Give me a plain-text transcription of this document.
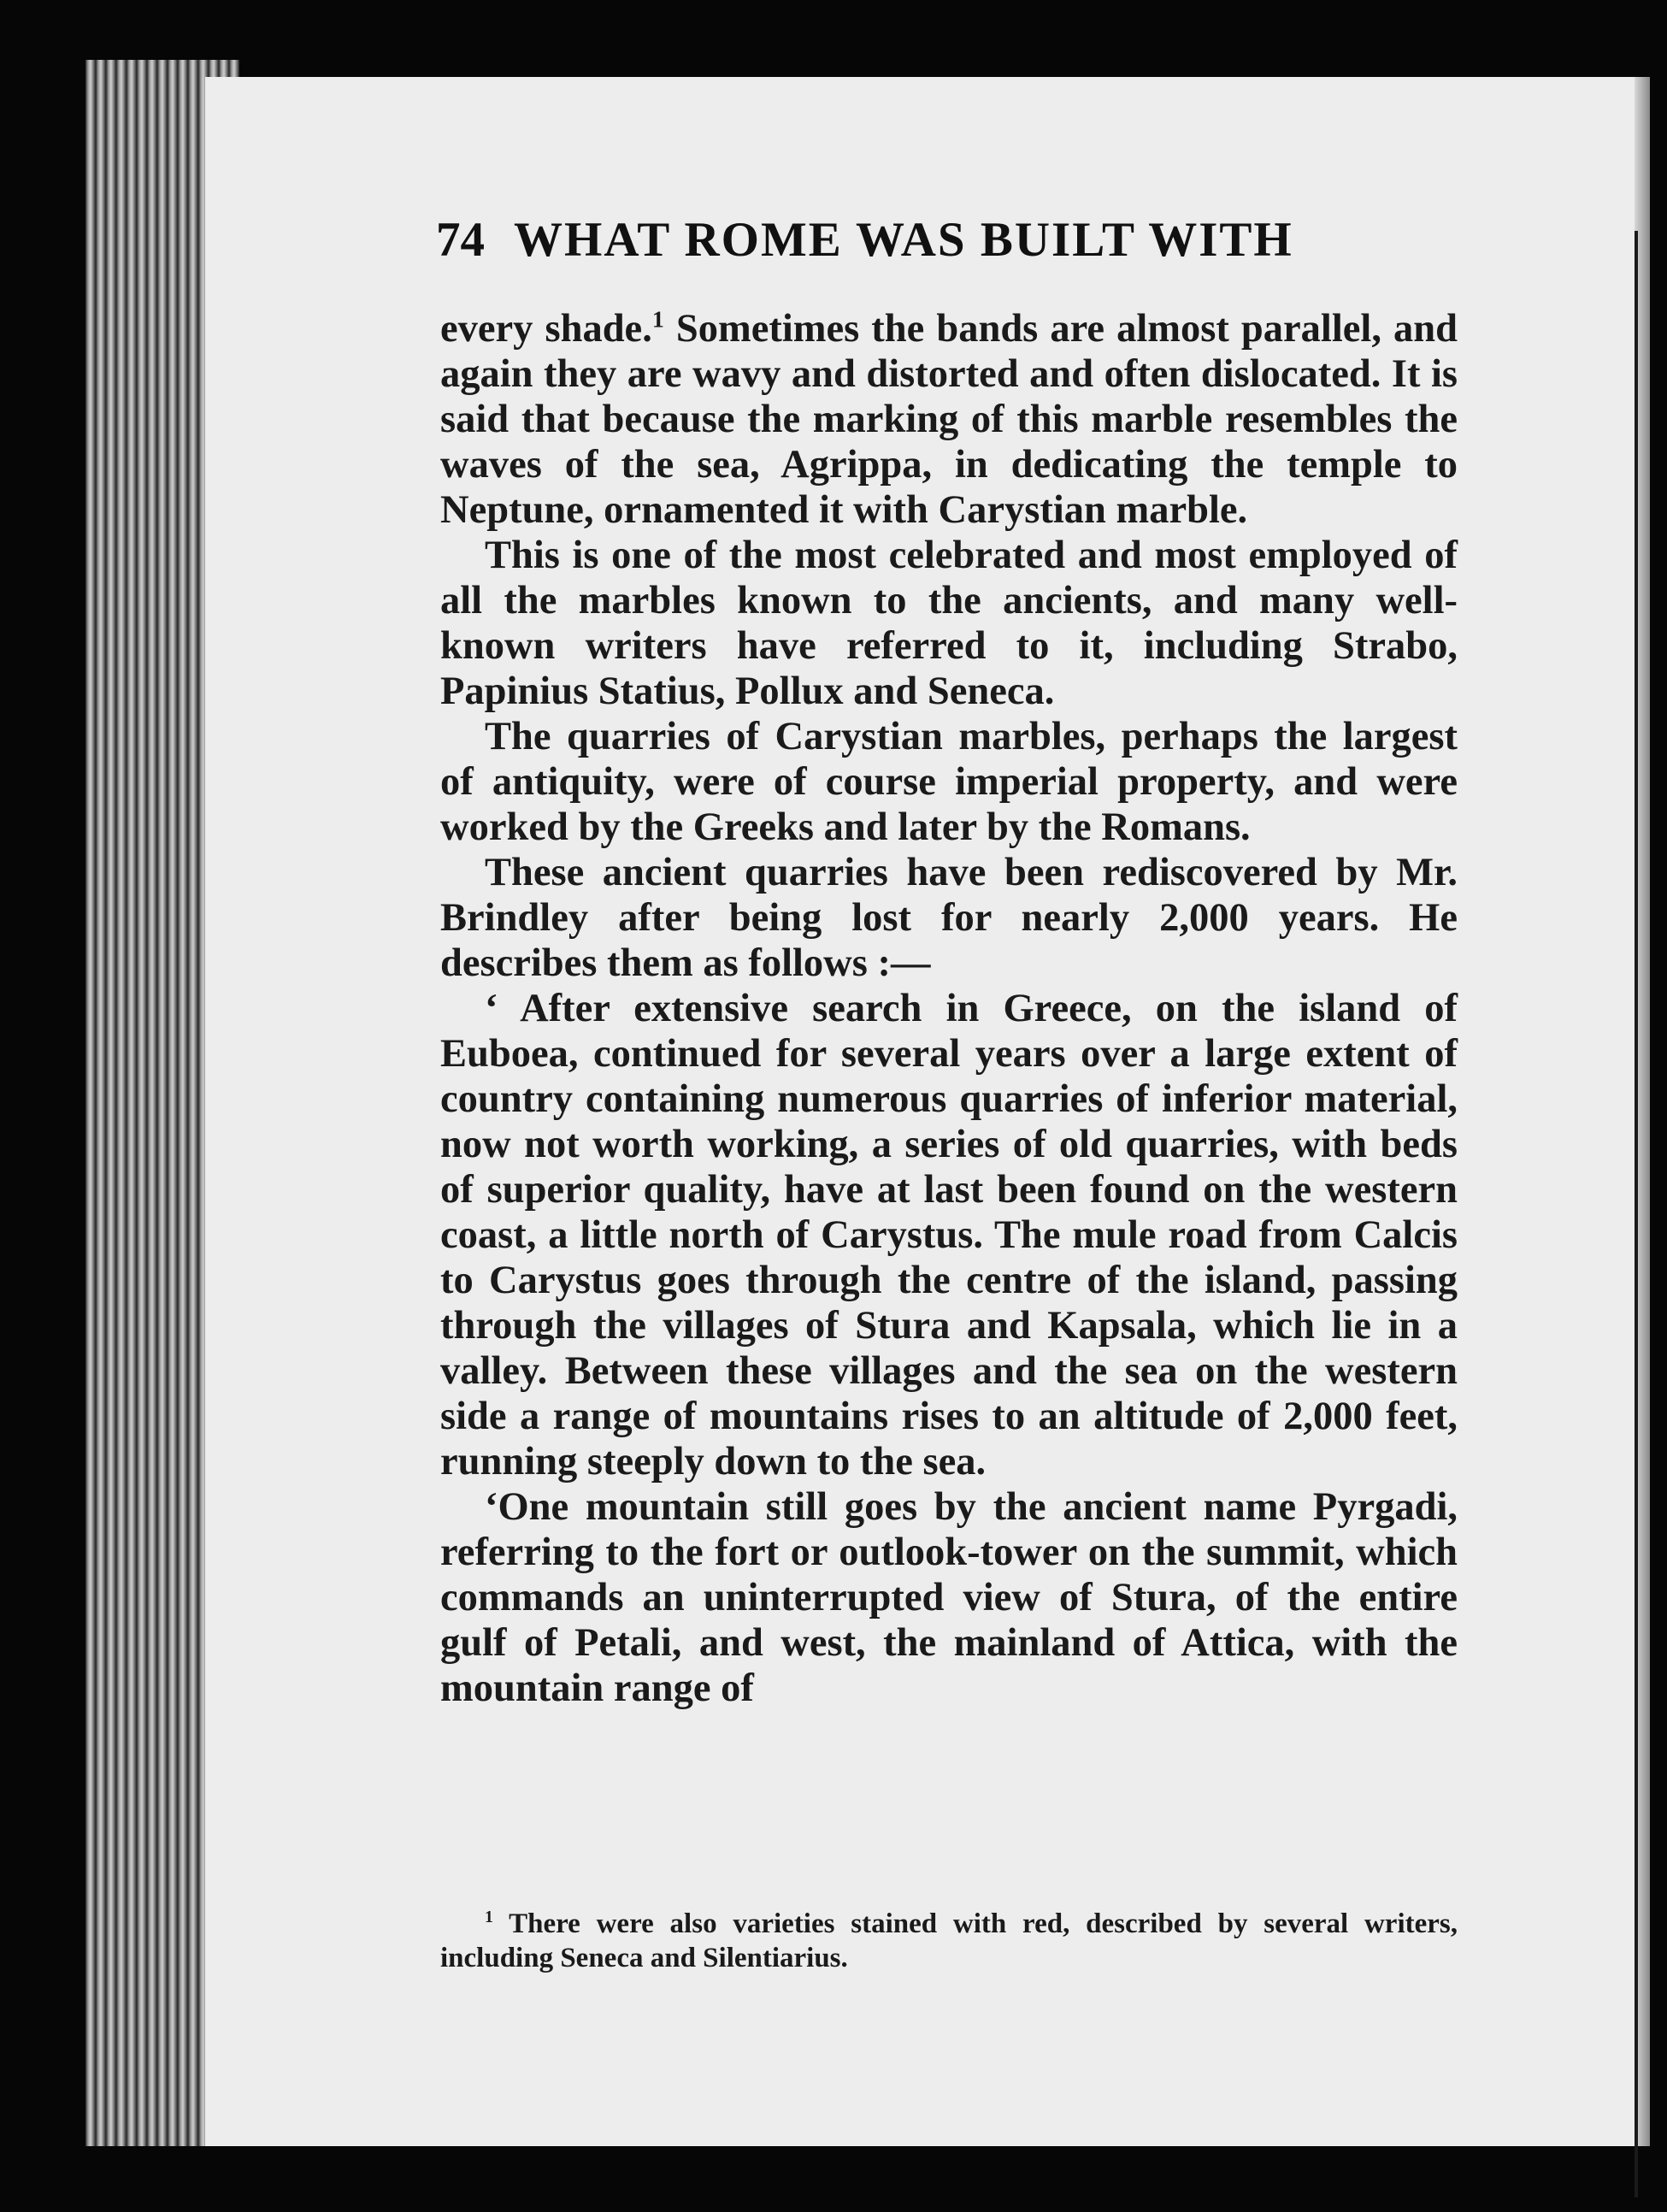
74 WHAT ROME WAS BUILT WITH

every shade.$^1$ Sometimes the bands are almost parallel, and again they are wavy and distorted and often dislocated. It is said that because the marking of this marble resembles the waves of the sea, Agrippa, in dedicating the temple to Neptune, ornamented it with Carystian marble.

This is one of the most celebrated and most employed of all the marbles known to the ancients, and many well-known writers have referred to it, including Strabo, Papinius Statius, Pollux and Seneca.

The quarries of Carystian marbles, perhaps the largest of antiquity, were of course imperial property, and were worked by the Greeks and later by the Romans.

These ancient quarries have been rediscovered by Mr. Brindley after being lost for nearly 2,000 years. He describes them as follows :—

‘ After extensive search in Greece, on the island of Euboea, continued for several years over a large extent of country containing numerous quarries of inferior material, now not worth working, a series of old quarries, with beds of superior quality, have at last been found on the western coast, a little north of Carystus. The mule road from Calcis to Carystus goes through the centre of the island, passing through the villages of Stura and Kapsala, which lie in a valley. Between these villages and the sea on the western side a range of mountains rises to an altitude of 2,000 feet, running steeply down to the sea.

‘One mountain still goes by the ancient name Pyrgadi, referring to the fort or outlook-tower on the summit, which commands an uninterrupted view of Stura, of the entire gulf of Petali, and west, the mainland of Attica, with the mountain range of

$^1$ There were also varieties stained with red, described by several writers, including Seneca and Silentiarius.
